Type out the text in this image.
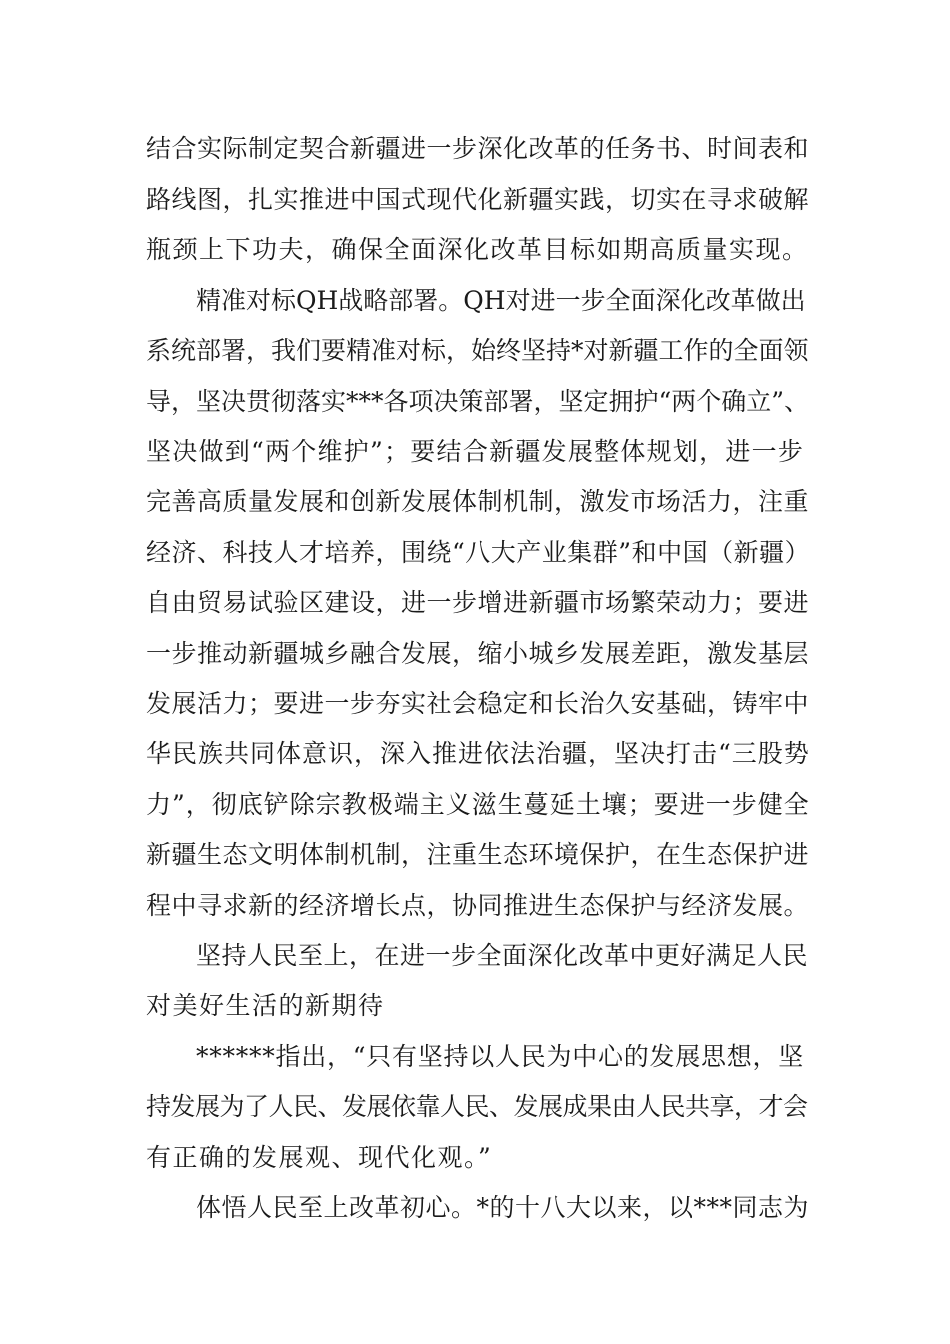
结合实际制定契合新疆进一步深化改革的任务书、时间表和
路线图，扎实推进中国式现代化新疆实践，切实在寻求破解
瓶颈上下功夫，确保全面深化改革目标如期高质量实现。
精准对标QH战略部署。QH对进一步全面深化改革做出
系统部署，我们要精准对标，始终坚持*对新疆工作的全面领
导，坚决贯彻落实***各项决策部署，坚定拥护“两个确立”、
坚决做到“两个维护”；要结合新疆发展整体规划，进一步
完善高质量发展和创新发展体制机制，激发市场活力，注重
经济、科技人才培养，围绕“八大产业集群”和中国（新疆）
自由贸易试验区建设，进一步增进新疆市场繁荣动力；要进
一步推动新疆城乡融合发展，缩小城乡发展差距，激发基层
发展活力；要进一步夯实社会稳定和长治久安基础，铸牢中
华民族共同体意识，深入推进依法治疆，坚决打击“三股势
力”，彻底铲除宗教极端主义滋生蔓延土壤；要进一步健全
新疆生态文明体制机制，注重生态环境保护，在生态保护进
程中寻求新的经济增长点，协同推进生态保护与经济发展。
坚持人民至上，在进一步全面深化改革中更好满足人民
对美好生活的新期待
******指出，“只有坚持以人民为中心的发展思想，坚
持发展为了人民、发展依靠人民、发展成果由人民共享，才会
有正确的发展观、现代化观。”
体悟人民至上改革初心。*的十八大以来，以***同志为
